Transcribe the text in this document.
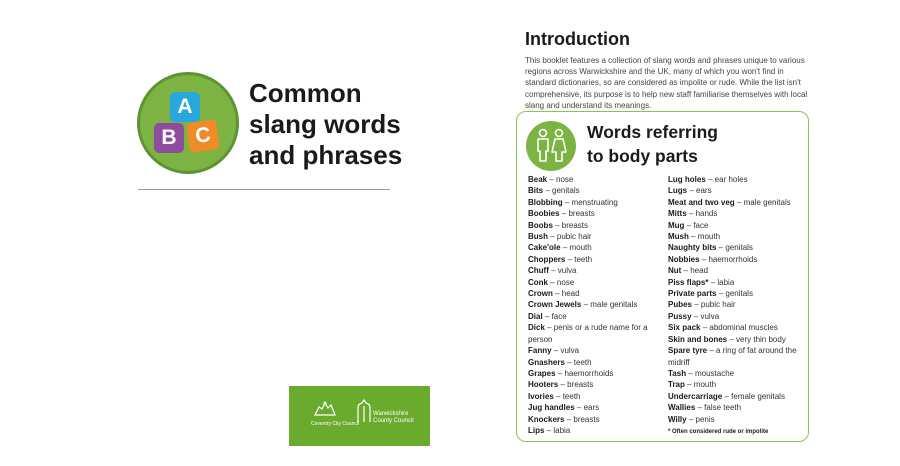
A
B C
Common
slang words
and phrases
Coventry City Council
Warwickshire
County Council
Introduction

This booklet features a collection of slang words and phrases unique to various regions across Warwickshire and the UK, many of which you won't find in standard dictionaries, so are considered as impolite or rude. While the list isn't comprehensive, its purpose is to help new staff familiarise themselves with local slang and understand its meanings.

Words referring
to body parts
Beak – nose
Bits – genitals
Blobbing – menstruating
Boobies – breasts
Boobs – breasts
Bush – pubic hair
Cake'ole – mouth
Choppers – teeth
Chuff – vulva
Conk – nose
Crown – head
Crown Jewels – male genitals
Dial – face
Dick – penis or a rude name for a person
Fanny – vulva
Gnashers – teeth
Grapes – haemorrhoids
Hooters – breasts
Ivories – teeth
Jug handles – ears
Knockers – breasts
Lips – labia
Lug holes – ear holes
Lugs – ears
Meat and two veg – male genitals
Mitts – hands
Mug – face
Mush – mouth
Naughty bits – genitals
Nobbies – haemorrhoids
Nut – head
Piss flaps* – labia
Private parts – genitals
Pubes – pubic hair
Pussy – vulva
Six pack – abdominal muscles
Skin and bones – very thin body
Spare tyre – a ring of fat around the midriff
Tash – moustache
Trap – mouth
Undercarriage – female genitals
Wallies – false teeth
Willy – penis
* Often considered rude or impolite
